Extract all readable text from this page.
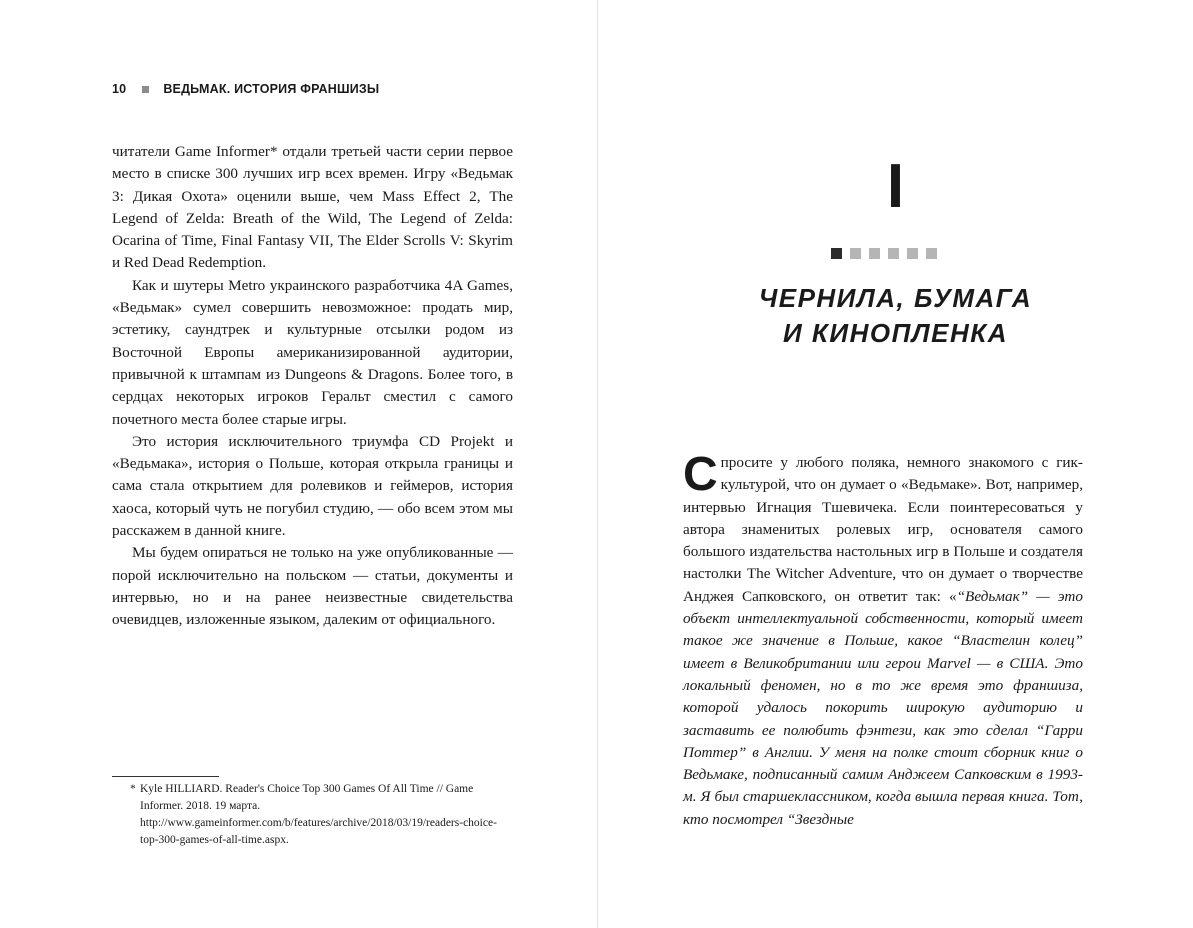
10	ВЕДЬМАК. ИСТОРИЯ ФРАНШИЗЫ

читатели Game Informer* отдали третьей части серии первое место в списке 300 лучших игр всех времен. Игру «Ведьмак 3: Дикая Охота» оценили выше, чем Mass Effect 2, The Legend of Zelda: Breath of the Wild, The Legend of Zelda: Ocarina of Time, Final Fantasy VII, The Elder Scrolls V: Skyrim и Red Dead Redemption.

Как и шутеры Metro украинского разработчика 4A Games, «Ведьмак» сумел совершить невозможное: продать мир, эстетику, саундтрек и культурные отсылки родом из Восточной Европы американизированной аудитории, привычной к штампам из Dungeons & Dragons. Более того, в сердцах некоторых игроков Геральт сместил с самого почетного места более старые игры.

Это история исключительного триумфа CD Projekt и «Ведьмака», история о Польше, которая открыла границы и сама стала открытием для ролевиков и геймеров, история хаоса, который чуть не погубил студию, — обо всем этом мы расскажем в данной книге.

Мы будем опираться не только на уже опубликованные — порой исключительно на польском — статьи, документы и интервью, но и на ранее неизвестные свидетельства очевидцев, изложенные языком, далеким от официального.

* Kyle HILLIARD. Reader's Choice Top 300 Games Of All Time // Game Informer. 2018. 19 марта. http://www.gameinformer.com/b/features/archive/2018/03/19/readers-choice-top-300-games-of-all-time.aspx.
I
ЧЕРНИЛА, БУМАГА
И КИНОПЛЕНКА

Спросите у любого поляка, немного знакомого с гик-культурой, что он думает о «Ведьмаке». Вот, например, интервью Игнация Тшевичека. Если поинтересоваться у автора знаменитых ролевых игр, основателя самого большого издательства настольных игр в Польше и создателя настолки The Witcher Adventure, что он думает о творчестве Анджея Сапковского, он ответит так: «“Ведьмак” — это объект интеллектуальной собственности, который имеет такое же значение в Польше, какое “Властелин колец” имеет в Великобритании или герои Marvel — в США. Это локальный феномен, но в то же время это франшиза, которой удалось покорить широкую аудиторию и заставить ее полюбить фэнтези, как это сделал “Гарри Поттер” в Англии. У меня на полке стоит сборник книг о Ведьмаке, подписанный самим Анджеем Сапковским в 1993-м. Я был старшеклассником, когда вышла первая книга. Тот, кто посмотрел “Звездные
